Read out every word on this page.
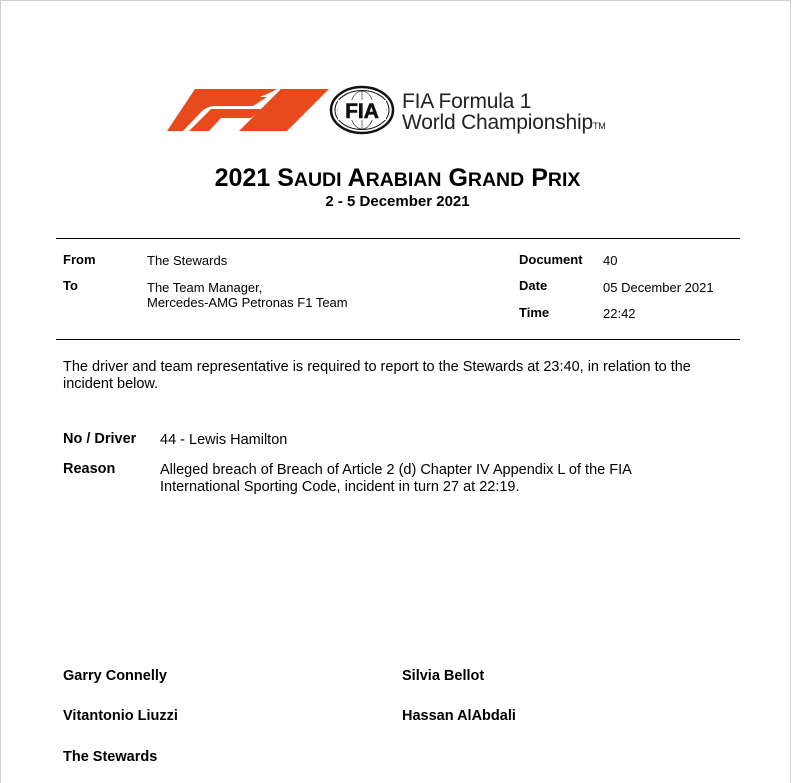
FIA FIA Formula 1
World ChampionshipTM
2021 SAUDI ARABIAN GRAND PRIX
2 - 5 December 2021
From	The Stewards
To	The Team Manager,
Mercedes-AMG Petronas F1 Team
Document 40
Date	05 December 2021
Time	22:42
The driver and team representative is required to report to the Stewards at 23:40, in relation to the incident below.
No / Driver 44 - Lewis Hamilton
Reason	Alleged breach of Breach of Article 2 (d) Chapter IV Appendix L of the FIA
International Sporting Code, incident in turn 27 at 22:19.
Garry Connelly	Silvia Bellot
Vitantonio Liuzzi	Hassan AlAbdali
The Stewards
